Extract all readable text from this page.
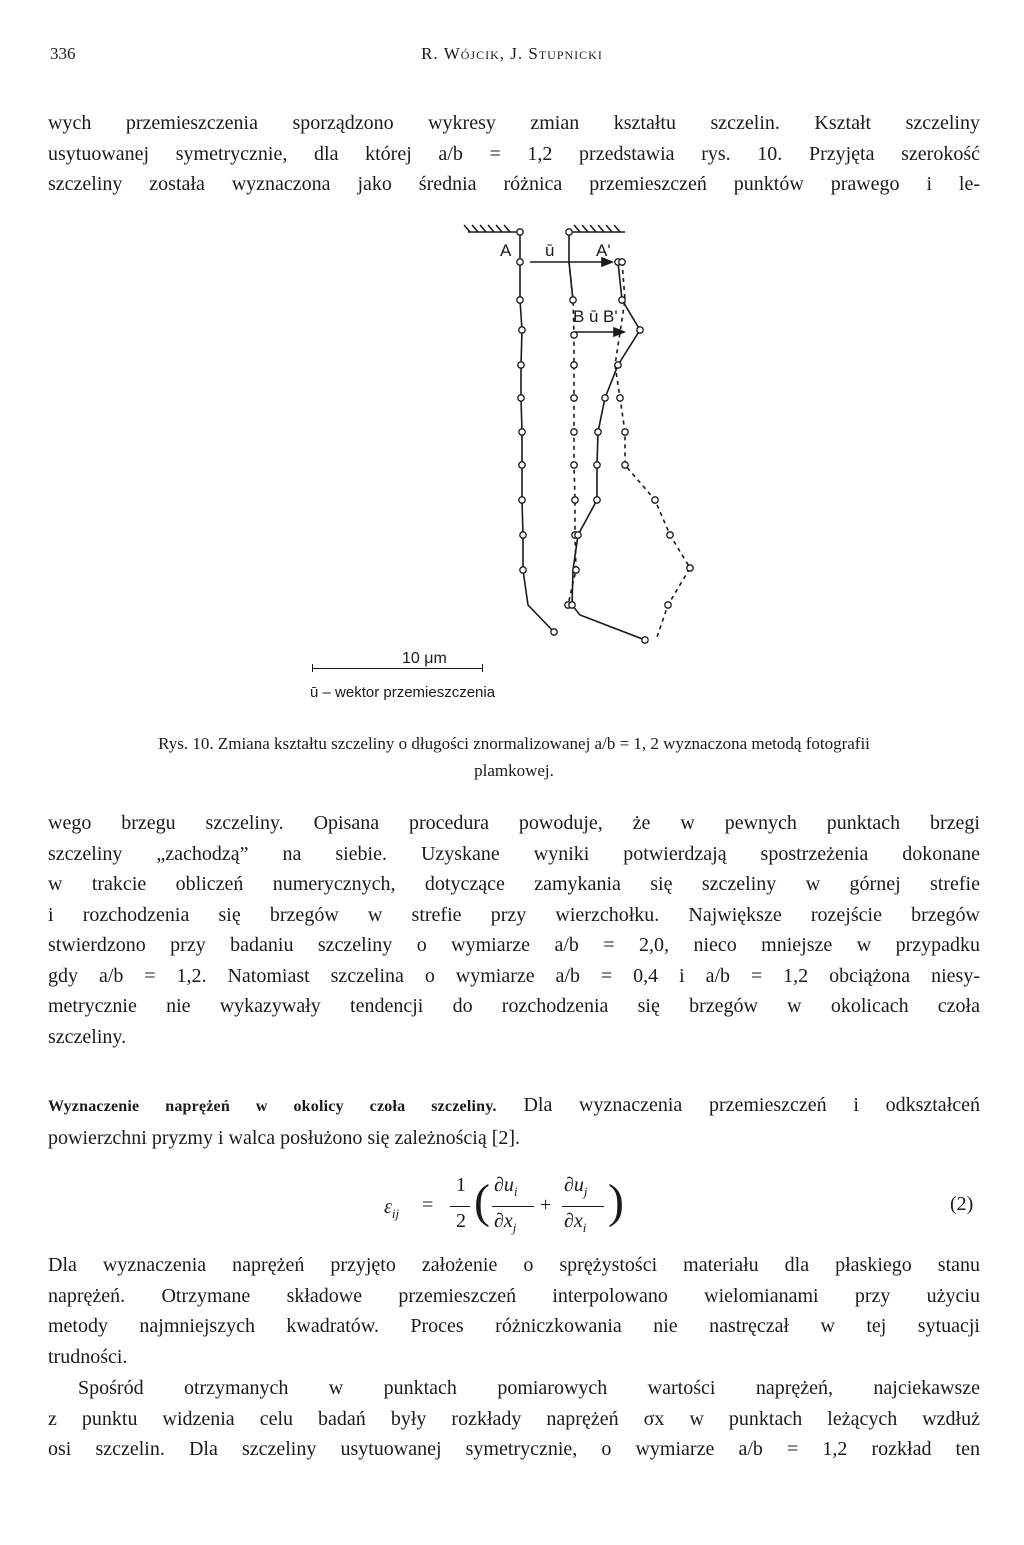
336	R. Wójcik, J. Stupnicki
wych przemieszczenia sporządzono wykresy zmian kształtu szczelin. Kształt szczeliny
usytuowanej symetrycznie, dla której a/b = 1,2 przedstawia rys. 10. Przyjęta szerokość
szczeliny została wyznaczona jako średnia różnica przemieszczeń punktów prawego i le-
A ū A'
B ū B'
10 μm
ū – wektor przemieszczenia
Rys. 10. Zmiana kształtu szczeliny o długości znormalizowanej a/b = 1, 2 wyznaczona metodą fotografii
plamkowej.
wego brzegu szczeliny. Opisana procedura powoduje, że w pewnych punktach brzegi
szczeliny „zachodzą” na siebie. Uzyskane wyniki potwierdzają spostrzeżenia dokonane
w trakcie obliczeń numerycznych, dotyczące zamykania się szczeliny w górnej strefie
i rozchodzenia się brzegów w strefie przy wierzchołku. Największe rozejście brzegów
stwierdzono przy badaniu szczeliny o wymiarze a/b = 2,0, nieco mniejsze w przypadku
gdy a/b = 1,2. Natomiast szczelina o wymiarze a/b = 0,4 i a/b = 1,2 obciążona niesy-
metrycznie nie wykazywały tendencji do rozchodzenia się brzegów w okolicach czoła
szczeliny.
Wyznaczenie naprężeń w okolicy czoła szczeliny. Dla wyznaczenia przemieszczeń i odkształceń
powierzchni pryzmy i walca posłużono się zależnością [2].
$\varepsilon_{ij}$ =
1
2 ( $\partial u_i$
$\partial x_j$
+
$\partial u_j$
$\partial x_i$ )	(2)
Dla wyznaczenia naprężeń przyjęto założenie o sprężystości materiału dla płaskiego stanu
naprężeń. Otrzymane składowe przemieszczeń interpolowano wielomianami przy użyciu
metody najmniejszych kwadratów. Proces różniczkowania nie nastręczał w tej sytuacji
trudności.
Spośród otrzymanych w punktach pomiarowych wartości naprężeń, najciekawsze
z punktu widzenia celu badań były rozkłady naprężeń σx w punktach leżących wzdłuż
osi szczelin. Dla szczeliny usytuowanej symetrycznie, o wymiarze a/b = 1,2 rozkład ten
